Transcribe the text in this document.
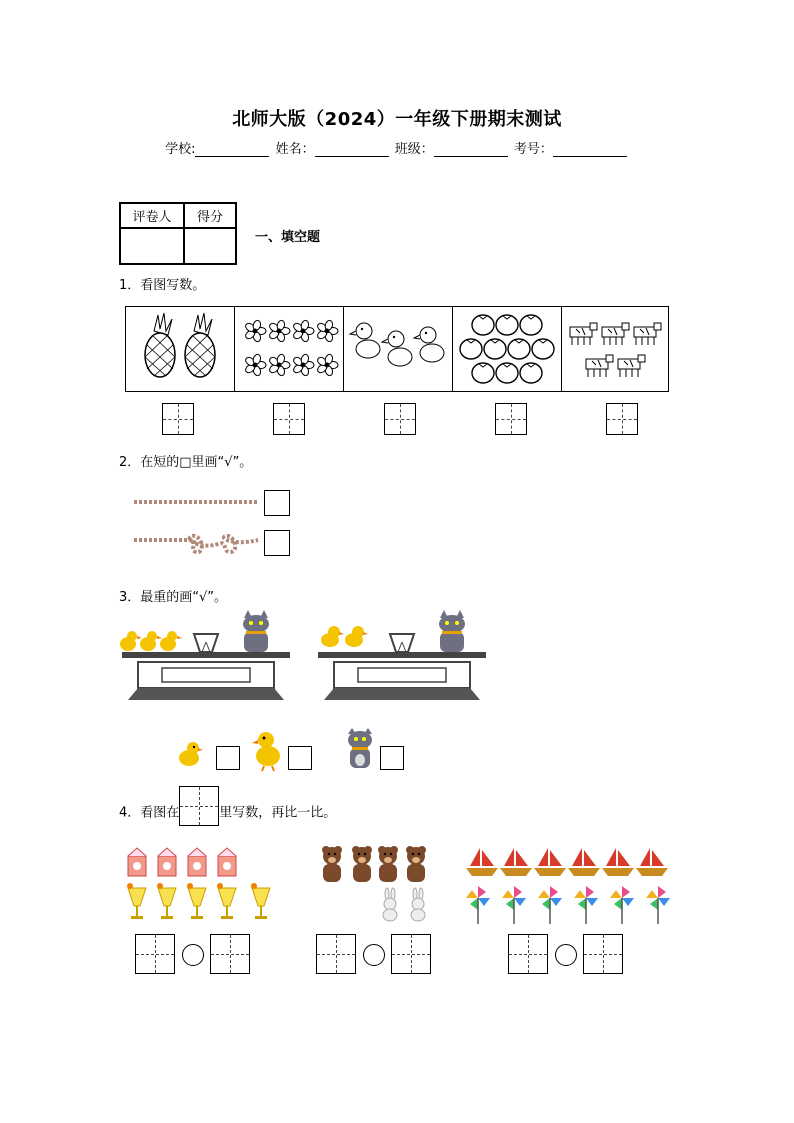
北师大版（2024）一年级下册期末测试
学校:	姓名：	班级：	考号：
评卷人	得分

一、填空题
1．看图写数。
2．在短的□里画“√”。
3．最重的画“√”。
4．看图在	里写数，再比一比。
